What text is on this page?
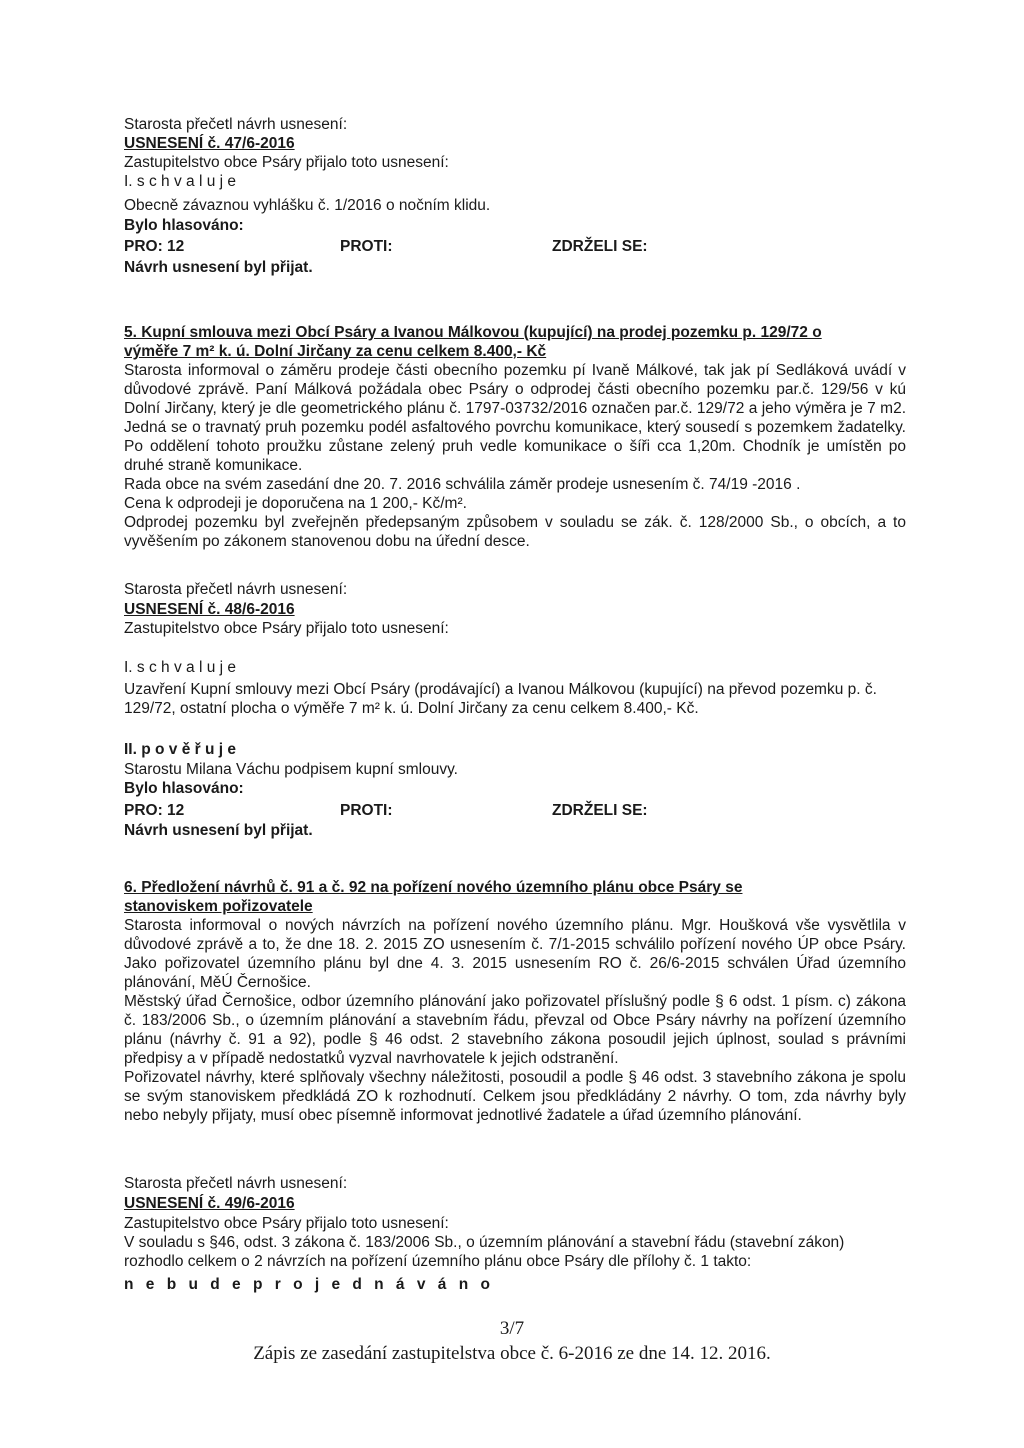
Starosta přečetl návrh usnesení:
USNESENÍ č. 47/6-2016
Zastupitelstvo obce Psáry přijalo toto usnesení:
I. s c h v a l u j e
Obecně závaznou vyhlášku č. 1/2016 o nočním klidu.
Bylo hlasováno:
PRO: 12	PROTI:	ZDRŽELI SE:
Návrh usnesení byl přijat.
5. Kupní smlouva mezi Obcí Psáry a Ivanou Málkovou (kupující) na prodej pozemku p. 129/72 o
výměře 7 m² k. ú. Dolní Jirčany za cenu celkem 8.400,- Kč

Starosta informoval o záměru prodeje části obecního pozemku pí Ivaně Málkové, tak jak pí Sedláková uvádí v důvodové zprávě. Paní Málková požádala obec Psáry o odprodej části obecního pozemku par.č. 129/56 v kú Dolní Jirčany, který je dle geometrického plánu č. 1797-03732/2016 označen par.č. 129/72 a jeho výměra je 7 m2. Jedná se o travnatý pruh pozemku podél asfaltového povrchu komunikace, který sousedí s pozemkem žadatelky. Po oddělení tohoto proužku zůstane zelený pruh vedle komunikace o šíři cca 1,20m. Chodník je umístěn po druhé straně komunikace.

Rada obce na svém zasedání dne 20. 7. 2016 schválila záměr prodeje usnesením č. 74/19 -2016 .

Cena k odprodeji je doporučena na 1 200,- Kč/m².

Odprodej pozemku byl zveřejněn předepsaným způsobem v souladu se zák. č. 128/2000 Sb., o obcích, a to vyvěšením po zákonem stanovenou dobu na úřední desce.

Starosta přečetl návrh usnesení:
USNESENÍ č. 48/6-2016
Zastupitelstvo obce Psáry přijalo toto usnesení:
I. s c h v a l u j e
Uzavření Kupní smlouvy mezi Obcí Psáry (prodávající) a Ivanou Málkovou (kupující) na převod pozemku p. č. 129/72, ostatní plocha o výměře 7 m² k. ú. Dolní Jirčany za cenu celkem 8.400,- Kč.
II. p o v ě ř u j e
Starostu Milana Váchu podpisem kupní smlouvy.
Bylo hlasováno:
PRO: 12	PROTI:	ZDRŽELI SE:
Návrh usnesení byl přijat.
6. Předložení návrhů č. 91 a č. 92 na pořízení nového územního plánu obce Psáry se
stanoviskem pořizovatele

Starosta informoval o nových návrzích na pořízení nového územního plánu. Mgr. Houšková vše vysvětlila v důvodové zprávě a to, že dne 18. 2. 2015 ZO usnesením č. 7/1-2015 schválilo pořízení nového ÚP obce Psáry. Jako pořizovatel územního plánu byl dne 4. 3. 2015 usnesením RO č. 26/6-2015 schválen Úřad územního plánování, MěÚ Černošice.

Městský úřad Černošice, odbor územního plánování jako pořizovatel příslušný podle § 6 odst. 1 písm. c) zákona č. 183/2006 Sb., o územním plánování a stavebním řádu, převzal od Obce Psáry návrhy na pořízení územního plánu (návrhy č. 91 a 92), podle § 46 odst. 2 stavebního zákona posoudil jejich úplnost, soulad s právními předpisy a v případě nedostatků vyzval navrhovatele k jejich odstranění.

Pořizovatel návrhy, které splňovaly všechny náležitosti, posoudil a podle § 46 odst. 3 stavebního zákona je spolu se svým stanoviskem předkládá ZO k rozhodnutí. Celkem jsou předkládány 2 návrhy. O tom, zda návrhy byly nebo nebyly přijaty, musí obec písemně informovat jednotlivé žadatele a úřad územního plánování.

Starosta přečetl návrh usnesení:
USNESENÍ č. 49/6-2016
Zastupitelstvo obce Psáry přijalo toto usnesení:
V souladu s §46, odst. 3 zákona č. 183/2006 Sb., o územním plánování a stavební řádu (stavební zákon) rozhodlo celkem o 2 návrzích na pořízení územního plánu obce Psáry dle přílohy č. 1 takto:
n e b u d e p r o j e d n á v á n o
3/7
Zápis ze zasedání zastupitelstva obce č. 6-2016 ze dne 14. 12. 2016.
